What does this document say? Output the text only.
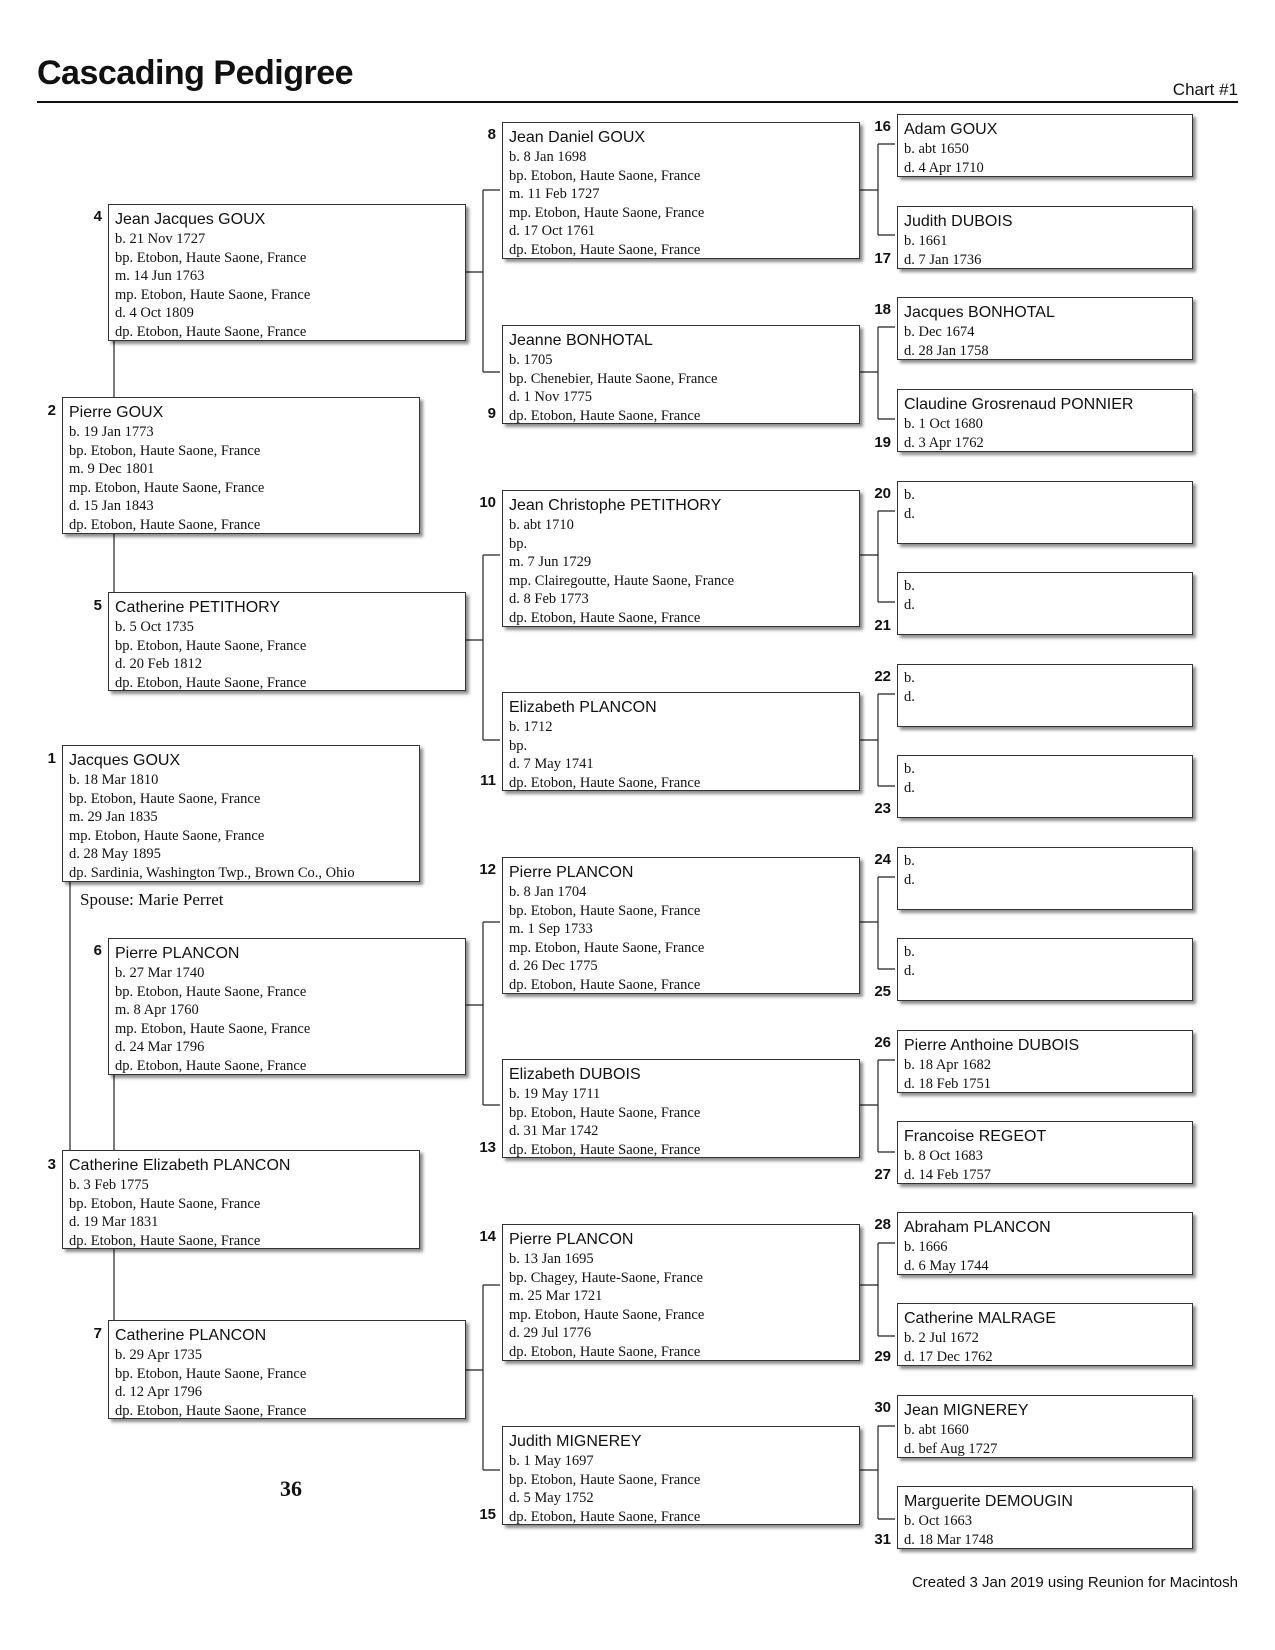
Cascading Pedigree	Chart #1
1 Jacques GOUX
b. 18 Mar 1810
bp. Etobon, Haute Saone, France
m. 29 Jan 1835
mp. Etobon, Haute Saone, France
d. 28 May 1895
dp. Sardinia, Washington Twp., Brown Co., Ohio
Spouse: Marie Perret
2 Pierre GOUX
b. 19 Jan 1773
bp. Etobon, Haute Saone, France
m. 9 Dec 1801
mp. Etobon, Haute Saone, France
d. 15 Jan 1843
dp. Etobon, Haute Saone, France
3 Catherine Elizabeth PLANCON
b. 3 Feb 1775
bp. Etobon, Haute Saone, France
d. 19 Mar 1831
dp. Etobon, Haute Saone, France
4 Jean Jacques GOUX
b. 21 Nov 1727
bp. Etobon, Haute Saone, France
m. 14 Jun 1763
mp. Etobon, Haute Saone, France
d. 4 Oct 1809
dp. Etobon, Haute Saone, France
5 Catherine PETITHORY
b. 5 Oct 1735
bp. Etobon, Haute Saone, France
d. 20 Feb 1812
dp. Etobon, Haute Saone, France
6 Pierre PLANCON
b. 27 Mar 1740
bp. Etobon, Haute Saone, France
m. 8 Apr 1760
mp. Etobon, Haute Saone, France
d. 24 Mar 1796
dp. Etobon, Haute Saone, France
7 Catherine PLANCON
b. 29 Apr 1735
bp. Etobon, Haute Saone, France
d. 12 Apr 1796
dp. Etobon, Haute Saone, France
8 Jean Daniel GOUX
b. 8 Jan 1698
bp. Etobon, Haute Saone, France
m. 11 Feb 1727
mp. Etobon, Haute Saone, France
d. 17 Oct 1761
dp. Etobon, Haute Saone, France
9
Jeanne BONHOTAL
b. 1705
bp. Chenebier, Haute Saone, France
d. 1 Nov 1775
dp. Etobon, Haute Saone, France
10 Jean Christophe PETITHORY
b. abt 1710
bp.
m. 7 Jun 1729
mp. Clairegoutte, Haute Saone, France
d. 8 Feb 1773
dp. Etobon, Haute Saone, France
11
Elizabeth PLANCON
b. 1712
bp.
d. 7 May 1741
dp. Etobon, Haute Saone, France
12 Pierre PLANCON
b. 8 Jan 1704
bp. Etobon, Haute Saone, France
m. 1 Sep 1733
mp. Etobon, Haute Saone, France
d. 26 Dec 1775
dp. Etobon, Haute Saone, France
13
Elizabeth DUBOIS
b. 19 May 1711
bp. Etobon, Haute Saone, France
d. 31 Mar 1742
dp. Etobon, Haute Saone, France
14 Pierre PLANCON
b. 13 Jan 1695
bp. Chagey, Haute-Saone, France
m. 25 Mar 1721
mp. Etobon, Haute Saone, France
d. 29 Jul 1776
dp. Etobon, Haute Saone, France
15
Judith MIGNEREY
b. 1 May 1697
bp. Etobon, Haute Saone, France
d. 5 May 1752
dp. Etobon, Haute Saone, France
16 Adam GOUX
b. abt 1650
d. 4 Apr 1710
17
Judith DUBOIS
b. 1661
d. 7 Jan 1736
18 Jacques BONHOTAL
b. Dec 1674
d. 28 Jan 1758
19
Claudine Grosrenaud PONNIER
b. 1 Oct 1680
d. 3 Apr 1762
20 b.
d.
21
b.
d.
22 b.
d.
23
b.
d.
24 b.
d.
25
b.
d.
26 Pierre Anthoine DUBOIS
b. 18 Apr 1682
d. 18 Feb 1751
27
Francoise REGEOT
b. 8 Oct 1683
d. 14 Feb 1757
28 Abraham PLANCON
b. 1666
d. 6 May 1744
29
Catherine MALRAGE
b. 2 Jul 1672
d. 17 Dec 1762
30 Jean MIGNEREY
b. abt 1660
d. bef Aug 1727
31
Marguerite DEMOUGIN
b. Oct 1663
d. 18 Mar 1748
36
Created 3 Jan 2019 using Reunion for Macintosh
